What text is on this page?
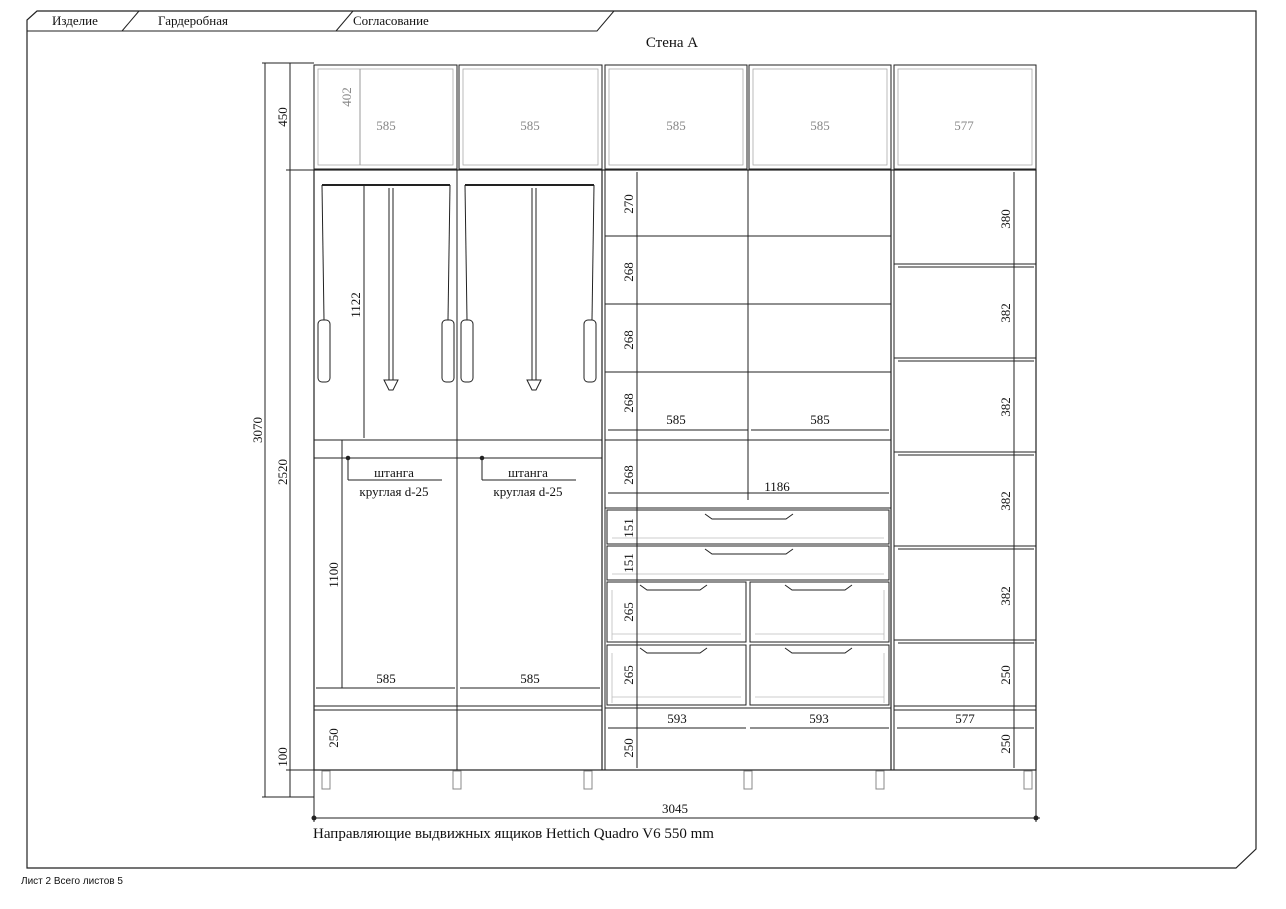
Изделие	Гардеробная	Согласование
Стена А
3070
2520
450
100
3045
402
585	585	585	585	577
1122
1100
штанга
круглая d-25
штанга
круглая d-25
585	585
250
270
268
268
268
268
585	585
1186
151
151
265
265
593	593
250
380
382
382
382
382
250
577
250
Направляющие выдвижных ящиков Hettich Quadro V6 550 mm
Лист 2 Всего листов 5
